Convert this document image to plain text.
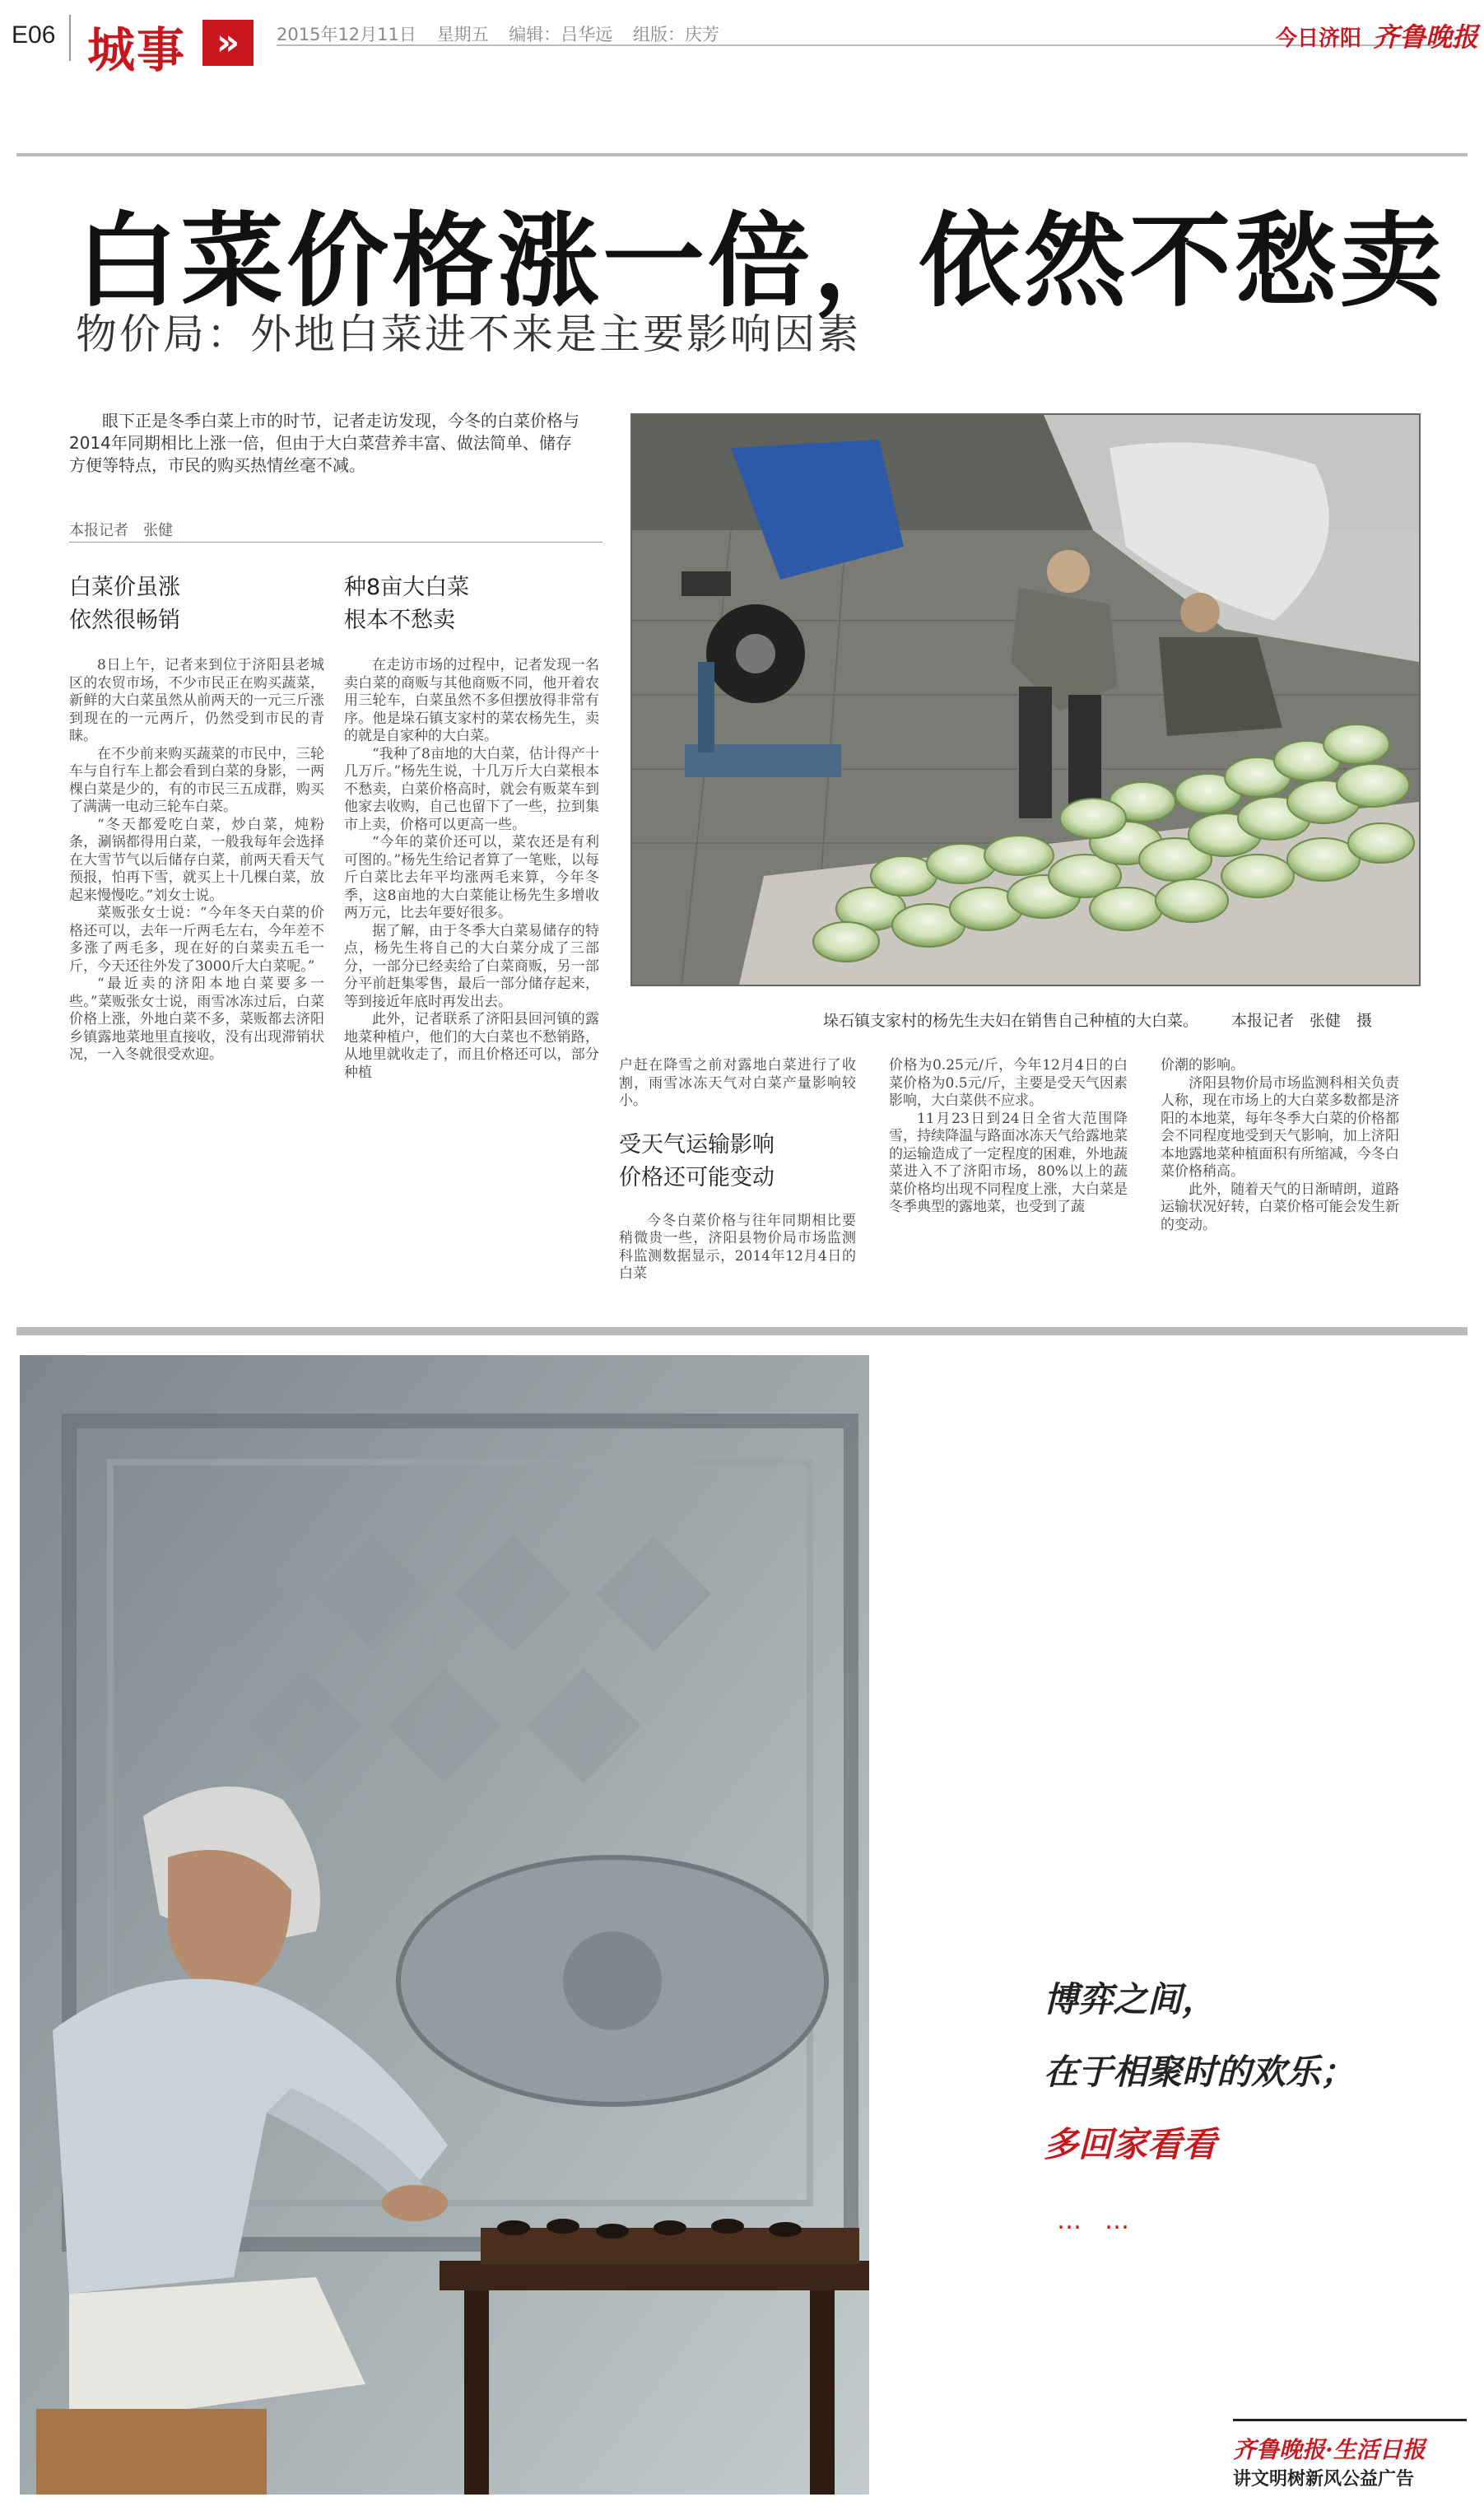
E06 城事 »	2015年12月11日 星期五 编辑：吕华远 组版：庆芳	今日济阳 齐鲁晚报
白菜价格涨一倍，依然不愁卖
物价局：外地白菜进不来是主要影响因素
眼下正是冬季白菜上市的时节，记者走访发现，今冬的白菜价格与2014年同期相比上涨一倍，但由于大白菜营养丰富、做法简单、储存方便等特点，市民的购买热情丝毫不减。
本报记者　张健
白菜价虽涨
依然很畅销

8日上午，记者来到位于济阳县老城区的农贸市场，不少市民正在购买蔬菜，新鲜的大白菜虽然从前两天的一元三斤涨到现在的一元两斤，仍然受到市民的青睐。

在不少前来购买蔬菜的市民中，三轮车与自行车上都会看到白菜的身影，一两棵白菜是少的，有的市民三五成群，购买了满满一电动三轮车白菜。

“冬天都爱吃白菜，炒白菜，炖粉条，涮锅都得用白菜，一般我每年会选择在大雪节气以后储存白菜，前两天看天气预报，怕再下雪，就买上十几棵白菜，放起来慢慢吃。”刘女士说。

菜贩张女士说：“今年冬天白菜的价格还可以，去年一斤两毛左右，今年差不多涨了两毛多，现在好的白菜卖五毛一斤，今天还往外发了3000斤大白菜呢。”

“最近卖的济阳本地白菜要多一些。”菜贩张女士说，雨雪冰冻过后，白菜价格上涨，外地白菜不多，菜贩都去济阳乡镇露地菜地里直接收，没有出现滞销状况，一入冬就很受欢迎。

种8亩大白菜
根本不愁卖

在走访市场的过程中，记者发现一名卖白菜的商贩与其他商贩不同，他开着农用三轮车，白菜虽然不多但摆放得非常有序。他是垛石镇支家村的菜农杨先生，卖的就是自家种的大白菜。

“我种了8亩地的大白菜，估计得产十几万斤。”杨先生说，十几万斤大白菜根本不愁卖，白菜价格高时，就会有贩菜车到他家去收购，自己也留下了一些，拉到集市上卖，价格可以更高一些。

“今年的菜价还可以，菜农还是有利可图的。”杨先生给记者算了一笔账，以每斤白菜比去年平均涨两毛来算，今年冬季，这8亩地的大白菜能让杨先生多增收两万元，比去年要好很多。

据了解，由于冬季大白菜易储存的特点，杨先生将自己的大白菜分成了三部分，一部分已经卖给了白菜商贩，另一部分平前赶集零售，最后一部分储存起来，等到接近年底时再发出去。

此外，记者联系了济阳县回河镇的露地菜种植户，他们的大白菜也不愁销路，从地里就收走了，而且价格还可以，部分种植

垛石镇支家村的杨先生夫妇在销售自己种植的大白菜。 本报记者　张健　摄

户赶在降雪之前对露地白菜进行了收割，雨雪冰冻天气对白菜产量影响较小。

受天气运输影响
价格还可能变动

今冬白菜价格与往年同期相比要稍微贵一些，济阳县物价局市场监测科监测数据显示，2014年12月4日的白菜

价格为0.25元/斤，今年12月4日的白菜价格为0.5元/斤，主要是受天气因素影响，大白菜供不应求。

11月23日到24日全省大范围降雪，持续降温与路面冰冻天气给露地菜的运输造成了一定程度的困难，外地蔬菜进入不了济阳市场，80%以上的蔬菜价格均出现不同程度上涨，大白菜是冬季典型的露地菜，也受到了蔬

价潮的影响。

济阳县物价局市场监测科相关负责人称，现在市场上的大白菜多数都是济阳的本地菜，每年冬季大白菜的价格都会不同程度地受到天气影响，加上济阳本地露地菜种植面积有所缩减，今冬白菜价格稍高。

此外，随着天气的日渐晴朗，道路运输状况好转，白菜价格可能会发生新的变动。

博弈之间，
在于相聚时的欢乐；
多回家看看
……
齐鲁晚报·生活日报
讲文明树新风公益广告
